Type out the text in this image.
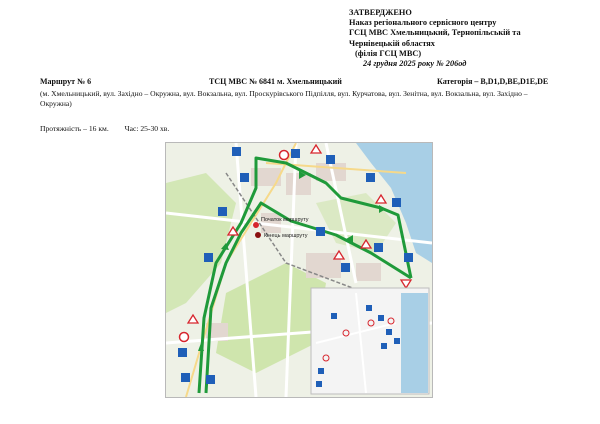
ЗАТВЕРДЖЕНО
Наказ регіонального сервісного центру
ГСЦ МВС Хмельницький, Тернопільській та
Чернівецькій областях
(філія ГСЦ МВС)
24 грудня 2025 року № 206од
Маршрут № 6	ТСЦ МВС № 6841 м. Хмельницький	Категорія – B,D1,D,BE,D1E,DE
(м. Хмельницький, вул. Західно – Окружна, вул. Вокзальна, вул. Проскурівського Підпілля, вул. Курчатова, вул. Зенітна, вул. Вокзальна, вул. Західно – Окружна)
Протяжність – 16 км. Час: 25-30 хв.
Початок маршруту
Кінець маршруту
